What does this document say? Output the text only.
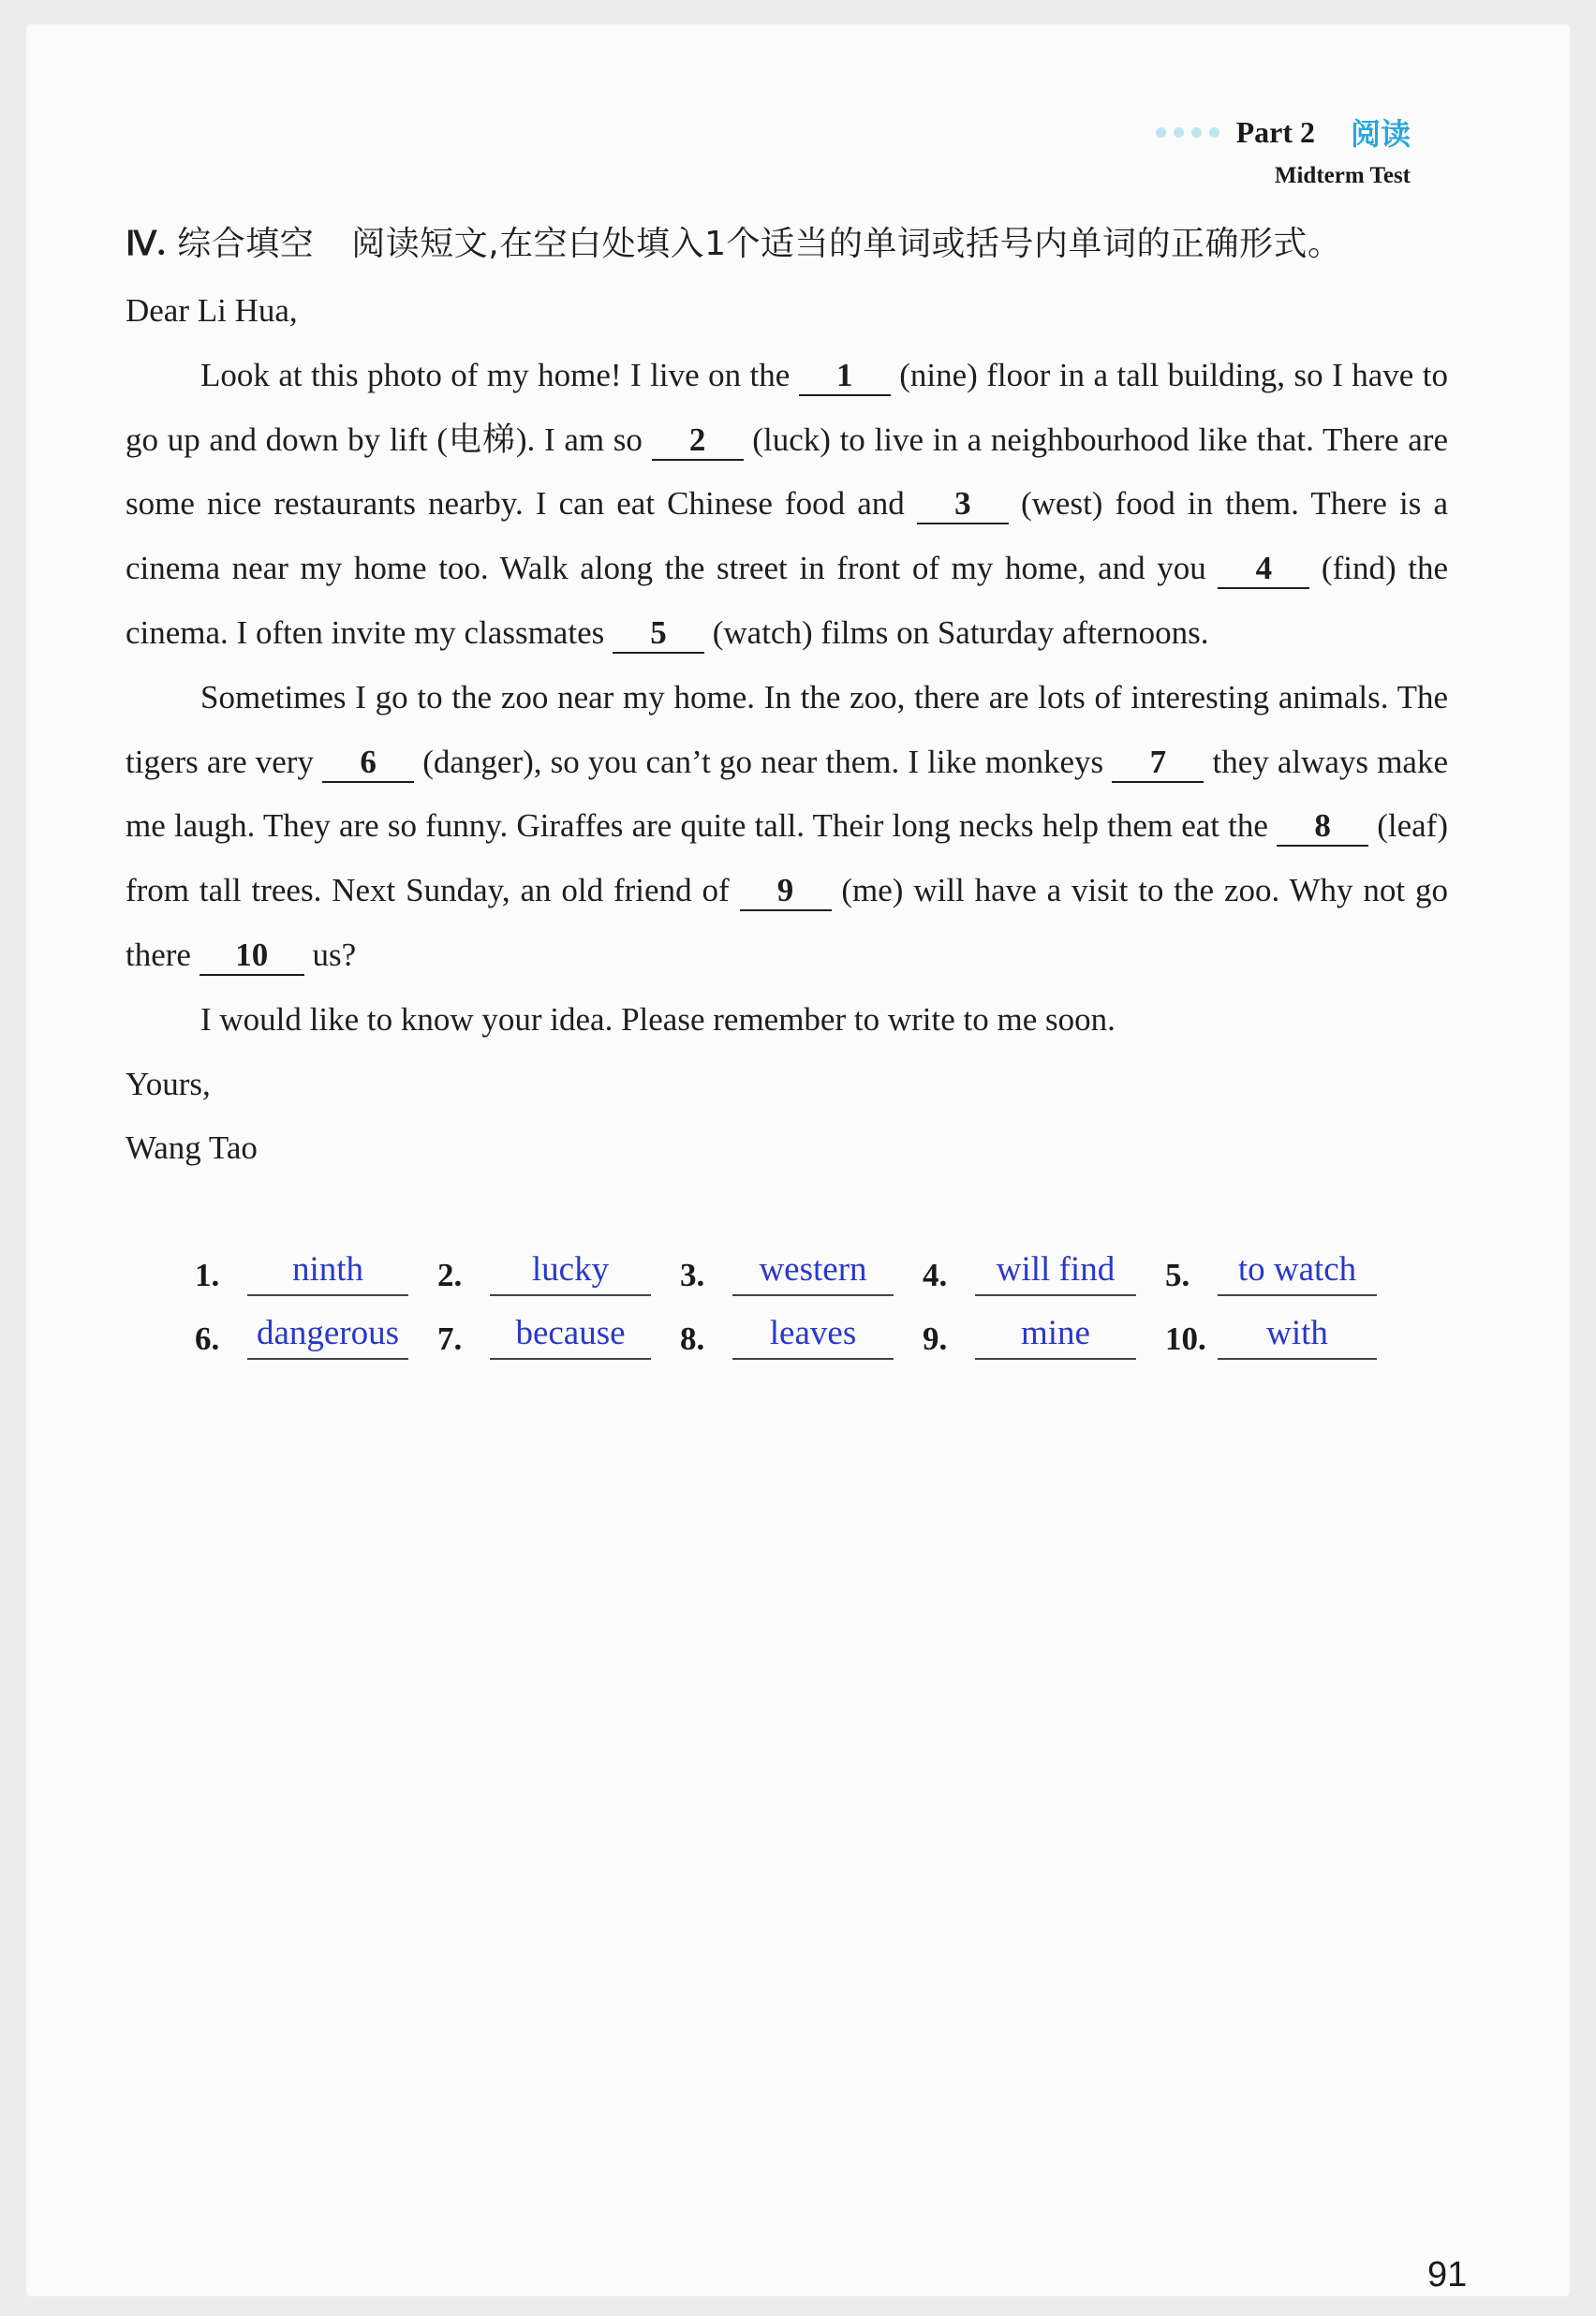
Part 2 阅读
Midterm Test
Ⅳ. 综合填空 阅读短文,在空白处填入1个适当的单词或括号内单词的正确形式。

Dear Li Hua,

Look at this photo of my home! I live on the 1 (nine) floor in a tall building, so I have to go up and down by lift (电梯). I am so 2 (luck) to live in a neighbourhood like that. There are some nice restaurants nearby. I can eat Chinese food and 3 (west) food in them. There is a cinema near my home too. Walk along the street in front of my home, and you 4 (find) the cinema. I often invite my classmates 5 (watch) films on Saturday afternoons.

Sometimes I go to the zoo near my home. In the zoo, there are lots of interesting animals. The tigers are very 6 (danger), so you can’t go near them. I like monkeys 7 they always make me laugh. They are so funny. Giraffes are quite tall. Their long necks help them eat the 8 (leaf) from tall trees. Next Sunday, an old friend of 9 (me) will have a visit to the zoo. Why not go there 10 us?

I would like to know your idea. Please remember to write to me soon.

Yours,

Wang Tao

1.	ninth	2.	lucky	3.	western	4.	will find	5.	to watch
6.	dangerous 7.	because	8.	leaves	9.	mine	10.	with
91
